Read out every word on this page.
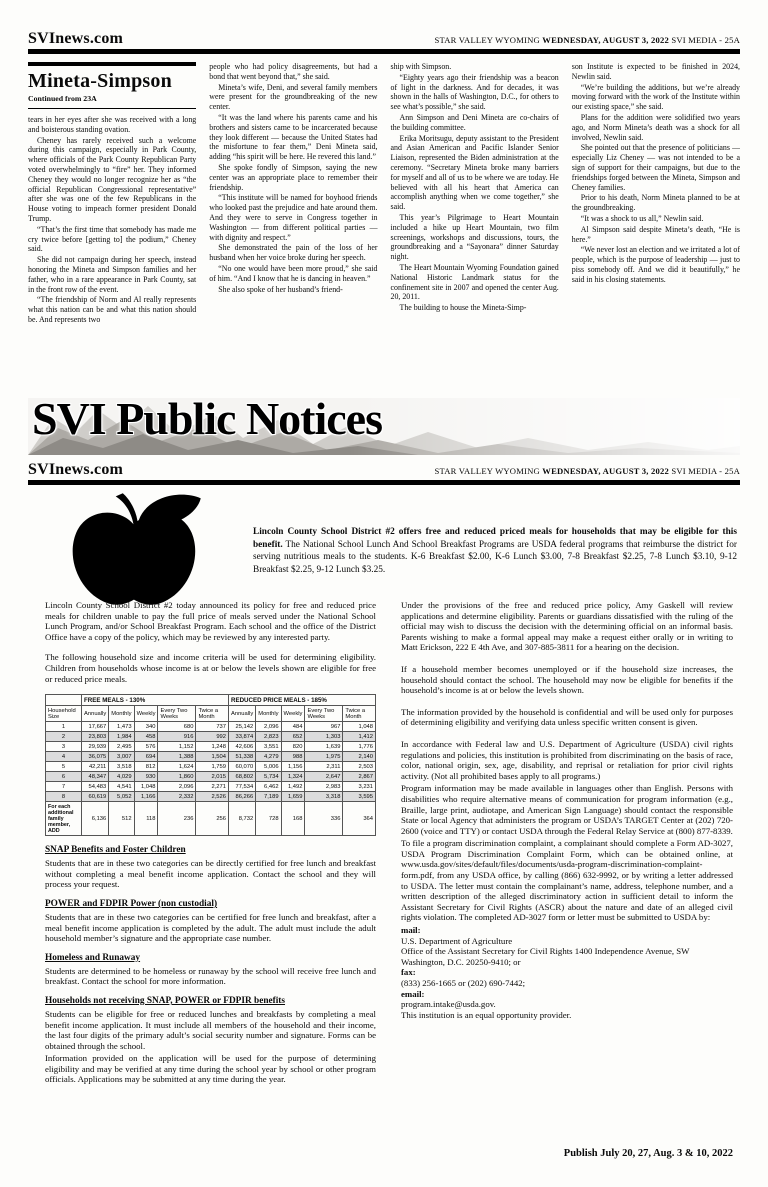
SVInews.com	STAR VALLEY WYOMING WEDNESDAY, AUGUST 3, 2022 SVI MEDIA - 25A
Mineta-Simpson
Continued from 23A

tears in her eyes after she was received with a long and boisterous standing ovation.

Cheney has rarely received such a welcome during this campaign, especially in Park County, where officials of the Park County Republican Party voted overwhelmingly to “fire” her. They informed Cheney they would no longer recognize her as “the official Republican Congressional representative” after she was one of the few Republicans in the House voting to impeach former president Donald Trump.

“That’s the first time that somebody has made me cry twice before [getting to] the podium,” Cheney said.

She did not campaign during her speech, instead honoring the Mineta and Simpson families and her father, who in a rare appearance in Park County, sat in the front row of the event.

“The friendship of Norm and Al really represents what this nation can be and what this nation should be. And represents two

people who had policy disagreements, but had a bond that went beyond that,” she said.

Mineta’s wife, Deni, and several family members were present for the groundbreaking of the new center.

“It was the land where his parents came and his brothers and sisters came to be incarcerated because they look different — because the United States had the misfortune to fear them,” Deni Mineta said, adding “his spirit will be here. He revered this land.”

She spoke fondly of Simpson, saying the new center was an appropriate place to remember their friendship.

“This institute will be named for boyhood friends who looked past the prejudice and hate around them. And they were to serve in Congress together in Washington — from different political parties — with dignity and respect.”

She demonstrated the pain of the loss of her husband when her voice broke during her speech.

“No one would have been more proud,” she said of him. “And I know that he is dancing in heaven.”

She also spoke of her husband’s friend-

ship with Simpson.

“Eighty years ago their friendship was a beacon of light in the darkness. And for decades, it was shown in the halls of Washington, D.C., for others to see what’s possible,” she said.

Ann Simpson and Deni Mineta are co-chairs of the building committee.

Erika Moritsugu, deputy assistant to the President and Asian American and Pacific Islander Senior Liaison, represented the Biden administration at the ceremony. “Secretary Mineta broke many barriers for myself and all of us to be where we are today. He believed with all his heart that America can accomplish anything when we come together,” she said.

This year’s Pilgrimage to Heart Mountain included a hike up Heart Mountain, two film screenings, workshops and discussions, tours, the groundbreaking and a “Sayonara” dinner Saturday night.

The Heart Mountain Wyoming Foundation gained National Historic Landmark status for the confinement site in 2007 and opened the center Aug. 20, 2011.

The building to house the Mineta-Simp-

son Institute is expected to be finished in 2024, Newlin said.

“We’re building the additions, but we’re already moving forward with the work of the Institute within our existing space,” she said.

Plans for the addition were solidified two years ago, and Norm Mineta’s death was a shock for all involved, Newlin said.

She pointed out that the presence of politicians — especially Liz Cheney — was not intended to be a sign of support for their campaigns, but due to the friendships forged between the Mineta, Simpson and Cheney families.

Prior to his death, Norm Mineta planned to be at the groundbreaking.

“It was a shock to us all,” Newlin said.

Al Simpson said despite Mineta’s death, “He is here.”

“We never lost an election and we irritated a lot of people, which is the purpose of leadership — just to piss somebody off. And we did it beautifully,” he said in his closing statements.

SVI Public Notices
SVInews.com	STAR VALLEY WYOMING WEDNESDAY, AUGUST 3, 2022 SVI MEDIA - 25A

Lincoln County School District #2 offers free and reduced priced meals for households that may be eligible for this benefit. The National School Lunch And School Breakfast Programs are USDA federal programs that reimburse the district for serving nutritious meals to the students. K-6 Breakfast $2.00, K-6 Lunch $3.00, 7-8 Breakfast $2.25, 7-8 Lunch $3.10, 9-12 Breakfast $2.25, 9-12 Lunch $3.25.

Lincoln County School District #2 today announced its policy for free and reduced price meals for children unable to pay the full price of meals served under the National School Lunch Program, and/or School Breakfast Program. Each school and the office of the District Office have a copy of the policy, which may be reviewed by any interested party.

The following household size and income criteria will be used for determining eligibility. Children from households whose income is at or below the levels shown are eligible for free or reduced price meals.

	FREE MEALS - 130%					REDUCED PRICE MEALS - 185%				
Household Size	Annually	Monthly	Weekly	Every Two Weeks	Twice a Month	Annually	Monthly	Weekly	Every Two Weeks	Twice a Month
1	17,667	1,473	340	680	737	25,142	2,096	484	967	1,048
2	23,803	1,984	458	916	992	33,874	2,823	652	1,303	1,412
3	29,939	2,495	576	1,152	1,248	42,606	3,551	820	1,639	1,776
4	36,075	3,007	694	1,388	1,504	51,338	4,279	988	1,975	2,140
5	42,211	3,518	812	1,624	1,759	60,070	5,006	1,156	2,311	2,503
6	48,347	4,029	930	1,860	2,015	68,802	5,734	1,324	2,647	2,867
7	54,483	4,541	1,048	2,096	2,271	77,534	6,462	1,492	2,983	3,231
8	60,619	5,052	1,166	2,332	2,526	86,266	7,189	1,659	3,318	3,595
For each additional family member, ADD	6,136	512	118	236	256	8,732	728	168	336	364
SNAP Benefits and Foster Children

Students that are in these two categories can be directly certified for free lunch and breakfast without completing a meal benefit income application. Contact the school and they will process your request.

POWER and FDPIR Power (non custodial)

Students that are in these two categories can be certified for free lunch and breakfast, after a meal benefit income application is completed by the adult. The adult must include the adult household member’s signature and the appropriate case number.

Homeless and Runaway

Students are determined to be homeless or runaway by the school will receive free lunch and breakfast. Contact the school for more information.

Households not receiving SNAP, POWER or FDPIR benefits

Students can be eligible for free or reduced lunches and breakfasts by completing a meal benefit income application. It must include all members of the household and their income, the last four digits of the primary adult’s social security number and signature. Forms can be obtained through the school.

Information provided on the application will be used for the purpose of determining eligibility and may be verified at any time during the school year by school or other program officials. Applications may be submitted at any time during the year.

Under the provisions of the free and reduced price policy, Amy Gaskell will review applications and determine eligibility. Parents or guardians dissatisfied with the ruling of the official may wish to discuss the decision with the determining official on an informal basis. Parents wishing to make a formal appeal may make a request either orally or in writing to Matt Erickson, 222 E 4th Ave, and 307-885-3811 for a hearing on the decision.

If a household member becomes unemployed or if the household size increases, the household should contact the school. The household may now be eligible for benefits if the household’s income is at or below the levels shown.

The information provided by the household is confidential and will be used only for purposes of determining eligibility and verifying data unless specific written consent is given.

In accordance with Federal law and U.S. Department of Agriculture (USDA) civil rights regulations and policies, this institution is prohibited from discriminating on the basis of race, color, national origin, sex, age, disability, and reprisal or retaliation for prior civil rights activity. (Not all prohibited bases apply to all programs.)

Program information may be made available in languages other than English. Persons with disabilities who require alternative means of communication for program information (e.g., Braille, large print, audiotape, and American Sign Language) should contact the responsible State or local Agency that administers the program or USDA’s TARGET Center at (202) 720-2600 (voice and TTY) or contact USDA through the Federal Relay Service at (800) 877-8339.

To file a program discrimination complaint, a complainant should complete a Form AD-3027, USDA Program Discrimination Complaint Form, which can be obtained online, at www.usda.gov/sites/default/files/documents/usda-program-discrimination-complaint-form.pdf, from any USDA office, by calling (866) 632-9992, or by writing a letter addressed to USDA. The letter must contain the complainant’s name, address, telephone number, and a written description of the alleged discriminatory action in sufficient detail to inform the Assistant Secretary for Civil Rights (ASCR) about the nature and date of an alleged civil rights violation. The completed AD-3027 form or letter must be submitted to USDA by:

mail:

U.S. Department of Agriculture

Office of the Assistant Secretary for Civil Rights 1400 Independence Avenue, SW Washington, D.C. 20250-9410; or

fax:

(833) 256-1665 or (202) 690-7442;

email:

program.intake@usda.gov.

This institution is an equal opportunity provider.

Publish July 20, 27, Aug. 3 & 10, 2022
